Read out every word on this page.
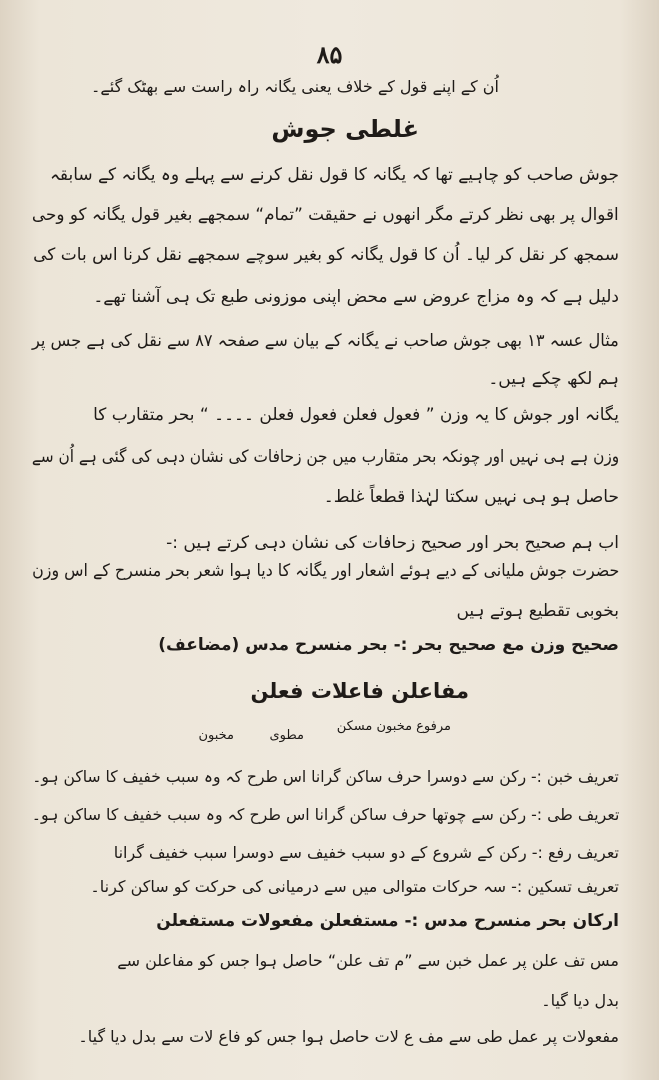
۸۵
اُن کے اپنے قول کے خلاف یعنی یگانہ راہ راست سے بھٹک گئے۔
غلطی جوش
جوش صاحب کو چاہیے تھا کہ یگانہ کا قول نقل کرنے سے پہلے وہ یگانہ کے سابقہ
اقوال پر بھی نظر کرتے مگر انھوں نے حقیقت ”تمام“ سمجھے بغیر قول یگانہ کو وحی
سمجھ کر نقل کر لیا۔ اُن کا قول یگانہ کو بغیر سوچے سمجھے نقل کرنا اس بات کی
دلیل ہے کہ وہ مزاج عروض سے محض اپنی موزونی طبع تک ہی آشنا تھے۔
مثال عسہ ۱۳ بھی جوش صاحب نے یگانہ کے بیان سے صفحہ ۸۷ سے نقل کی ہے جس پر
ہم لکھ چکے ہیں۔
یگانہ اور جوش کا یہ وزن ” فعول فعلن فعول فعلن ۔۔۔۔ “ بحر متقارب کا
وزن ہے ہی نہیں اور چونکہ بحر متقارب میں جن زحافات کی نشان دہی کی گئی ہے اُن سے
حاصل ہو ہی نہیں سکتا لہٰذا قطعاً غلط۔
اب ہم صحیح بحر اور صحیح زحافات کی نشان دہی کرتے ہیں :-
حضرت جوش ملیانی کے دیے ہوئے اشعار اور یگانہ کا دیا ہوا شعر بحر منسرح کے اس وزن
بخوبی تقطیع ہوتے ہیں
صحیح وزن مع صحیح بحر :- بحر منسرح مدس (مضاعف)
مفاعلن فاعلات فعلن
مخبون	مطوی
مرفوع مخبون مسکن
تعریف خبن :- رکن سے دوسرا حرف ساکن گرانا اس طرح کہ وہ سبب خفیف کا ساکن ہو۔
تعریف طی :- رکن سے چوتھا حرف ساکن گرانا اس طرح کہ وہ سبب خفیف کا ساکن ہو۔
تعریف رفع :- رکن کے شروع کے دو سبب خفیف سے دوسرا سبب خفیف گرانا
تعریف تسکین :- سہ حرکات متوالی میں سے درمیانی کی حرکت کو ساکن کرنا۔
ارکان بحر منسرح مدس :- مستفعلن مفعولات مستفعلن
مس تف علن پر عمل خبن سے ”م تف علن“ حاصل ہوا جس کو مفاعلن سے
بدل دیا گیا۔
مفعولات پر عمل طی سے مف ع لات حاصل ہوا جس کو فاع لات سے بدل دیا گیا۔
